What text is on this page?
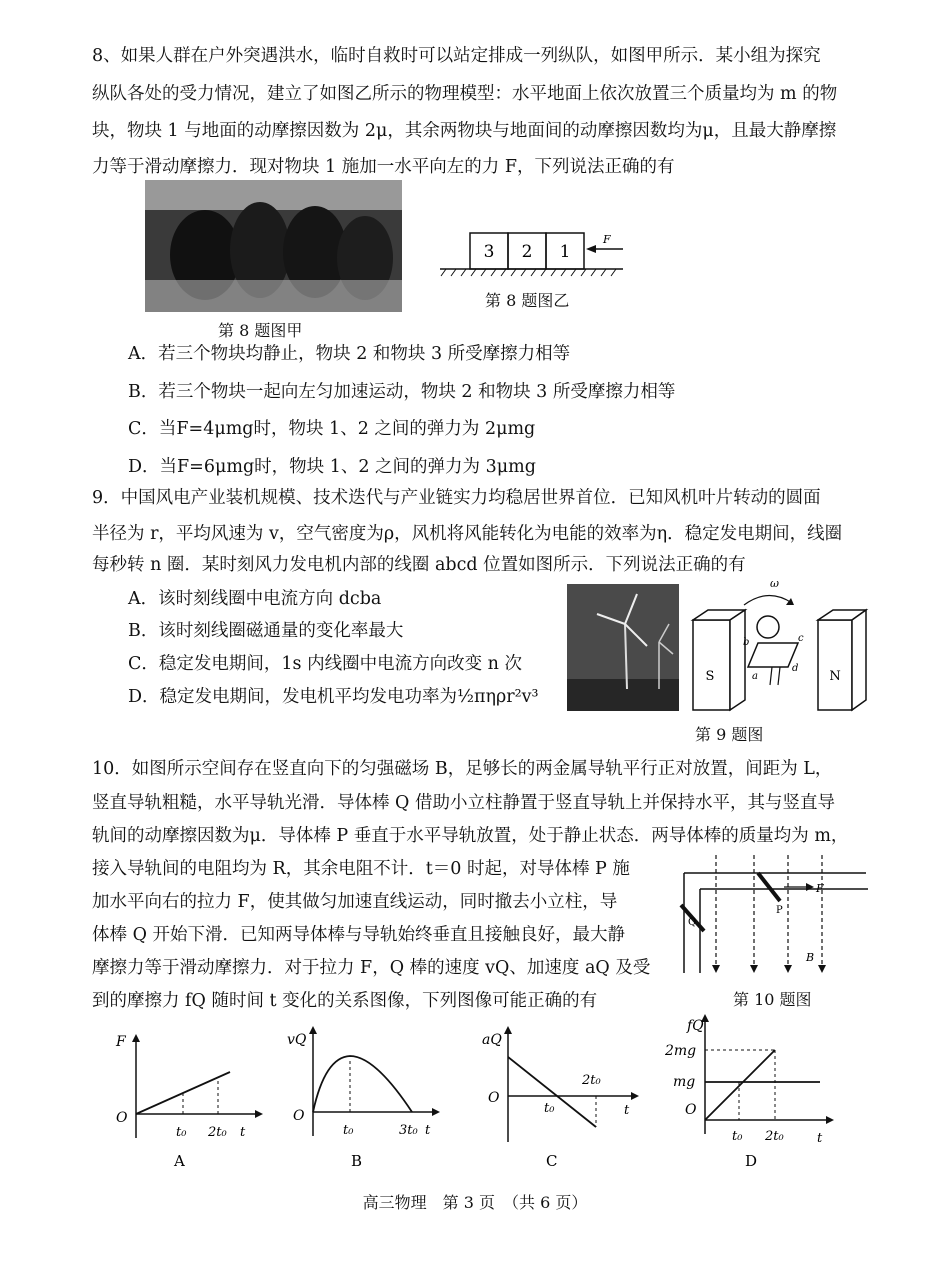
8、如果人群在户外突遇洪水，临时自救时可以站定排成一列纵队，如图甲所示．某小组为探究
纵队各处的受力情况，建立了如图乙所示的物理模型：水平地面上依次放置三个质量均为 m 的物
块，物块 1 与地面的动摩擦因数为 2μ，其余两物块与地面间的动摩擦因数均为μ，且最大静摩擦
力等于滑动摩擦力．现对物块 1 施加一水平向左的力 F，下列说法正确的有
第 8 题图甲
3 2 1
F
第 8 题图乙
A．若三个物块均静止，物块 2 和物块 3 所受摩擦力相等
B．若三个物块一起向左匀加速运动，物块 2 和物块 3 所受摩擦力相等
C．当F=4μmg时，物块 1、2 之间的弹力为 2μmg
D．当F=6μmg时，物块 1、2 之间的弹力为 3μmg
9．中国风电产业装机规模、技术迭代与产业链实力均稳居世界首位．已知风机叶片转动的圆面
半径为 r，平均风速为 v，空气密度为ρ，风机将风能转化为电能的效率为η．稳定发电期间，线圈
每秒转 n 圈．某时刻风力发电机内部的线圈 abcd 位置如图所示．下列说法正确的有
A．该时刻线圈中电流方向 dcba
B．该时刻线圈磁通量的变化率最大
C．稳定发电期间，1s 内线圈中电流方向改变 n 次
D．稳定发电期间，发电机平均发电功率为½πηρr²v³
S	N
ω
b	c
a
d
第 9 题图
10．如图所示空间存在竖直向下的匀强磁场 B，足够长的两金属导轨平行正对放置，间距为 L，
竖直导轨粗糙，水平导轨光滑．导体棒 Q 借助小立柱静置于竖直导轨上并保持水平，其与竖直导
轨间的动摩擦因数为μ．导体棒 P 垂直于水平导轨放置，处于静止状态．两导体棒的质量均为 m，
接入导轨间的电阻均为 R，其余电阻不计．t＝0 时起，对导体棒 P 施
加水平向右的拉力 F，使其做匀加速直线运动，同时撤去小立柱，导
体棒 Q 开始下滑．已知两导体棒与导轨始终垂直且接触良好，最大静
摩擦力等于滑动摩擦力．对于拉力 F，Q 棒的速度 vQ、加速度 aQ 及受
到的摩擦力 fQ 随时间 t 变化的关系图像，下列图像可能正确的有
Q
P
F
B
第 10 题图
F
O
t₀ 2t₀ t
A
vQ
O
t₀	3t₀ t
B
aQ
O
t₀
2t₀
t
C
fQ
O
2mg
mg
t₀ 2t₀	t
D
高三物理　第 3 页　（共 6 页）
